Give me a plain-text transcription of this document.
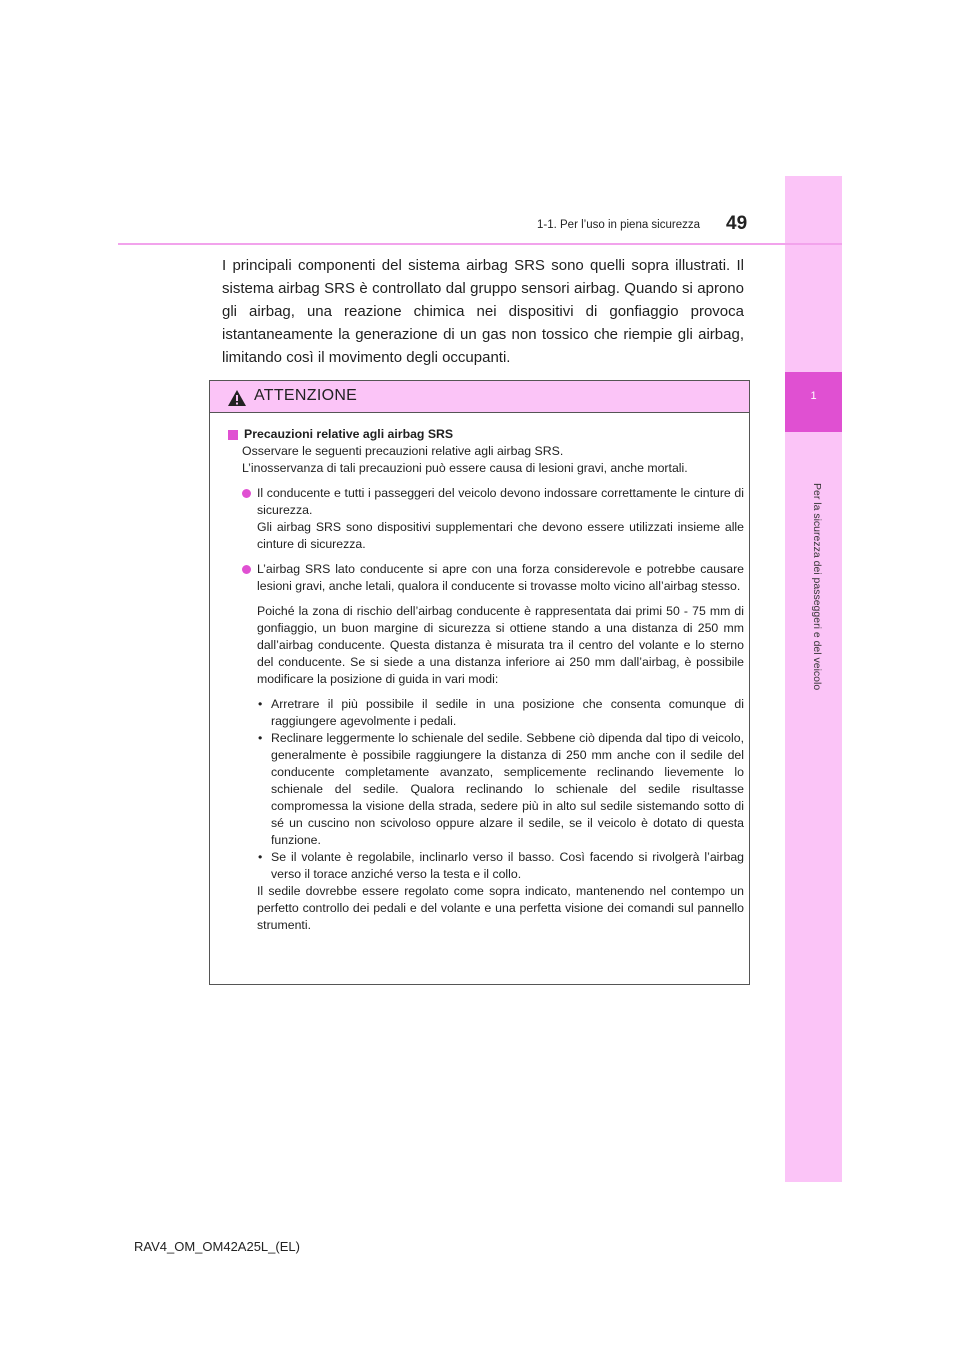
1
Per la sicurezza dei passeggeri e del veicolo
1-1. Per l’uso in piena sicurezza 49
I principali componenti del sistema airbag SRS sono quelli sopra illustrati. Il sistema airbag SRS è controllato dal gruppo sensori airbag. Quando si aprono gli airbag, una reazione chimica nei dispositivi di gonfiaggio provoca istantaneamente la generazione di un gas non tossico che riempie gli airbag, limitando così il movimento degli occupanti.
ATTENZIONE

Precauzioni relative agli airbag SRS

Osservare le seguenti precauzioni relative agli airbag SRS.

L’inosservanza di tali precauzioni può essere causa di lesioni gravi, anche mortali.

Il conducente e tutti i passeggeri del veicolo devono indossare correttamente le cinture di sicurezza.
Gli airbag SRS sono dispositivi supplementari che devono essere utilizzati insieme alle cinture di sicurezza.
L’airbag SRS lato conducente si apre con una forza considerevole e potrebbe causare lesioni gravi, anche letali, qualora il conducente si trovasse molto vicino all’airbag stesso.

Poiché la zona di rischio dell’airbag conducente è rappresentata dai primi 50 - 75 mm di gonfiaggio, un buon margine di sicurezza si ottiene stando a una distanza di 250 mm dall’airbag conducente. Questa distanza è misurata tra il centro del volante e lo sterno del conducente. Se si siede a una distanza inferiore ai 250 mm dall’airbag, è possibile modificare la posizione di guida in vari modi:

• Arretrare il più possibile il sedile in una posizione che consenta comunque di raggiungere agevolmente i pedali.
• Reclinare leggermente lo schienale del sedile. Sebbene ciò dipenda dal tipo di veicolo, generalmente è possibile raggiungere la distanza di 250 mm anche con il sedile del conducente completamente avanzato, semplicemente reclinando lievemente lo schienale del sedile. Qualora reclinando lo schienale del sedile risultasse compromessa la visione della strada, sedere più in alto sul sedile sistemando sotto di sé un cuscino non scivoloso oppure alzare il sedile, se il veicolo è dotato di questa funzione.
• Se il volante è regolabile, inclinarlo verso il basso. Così facendo si rivolgerà l’airbag verso il torace anziché verso la testa e il collo.

Il sedile dovrebbe essere regolato come sopra indicato, mantenendo nel contempo un perfetto controllo dei pedali e del volante e una perfetta visione dei comandi sul pannello strumenti.

RAV4_OM_OM42A25L_(EL)
